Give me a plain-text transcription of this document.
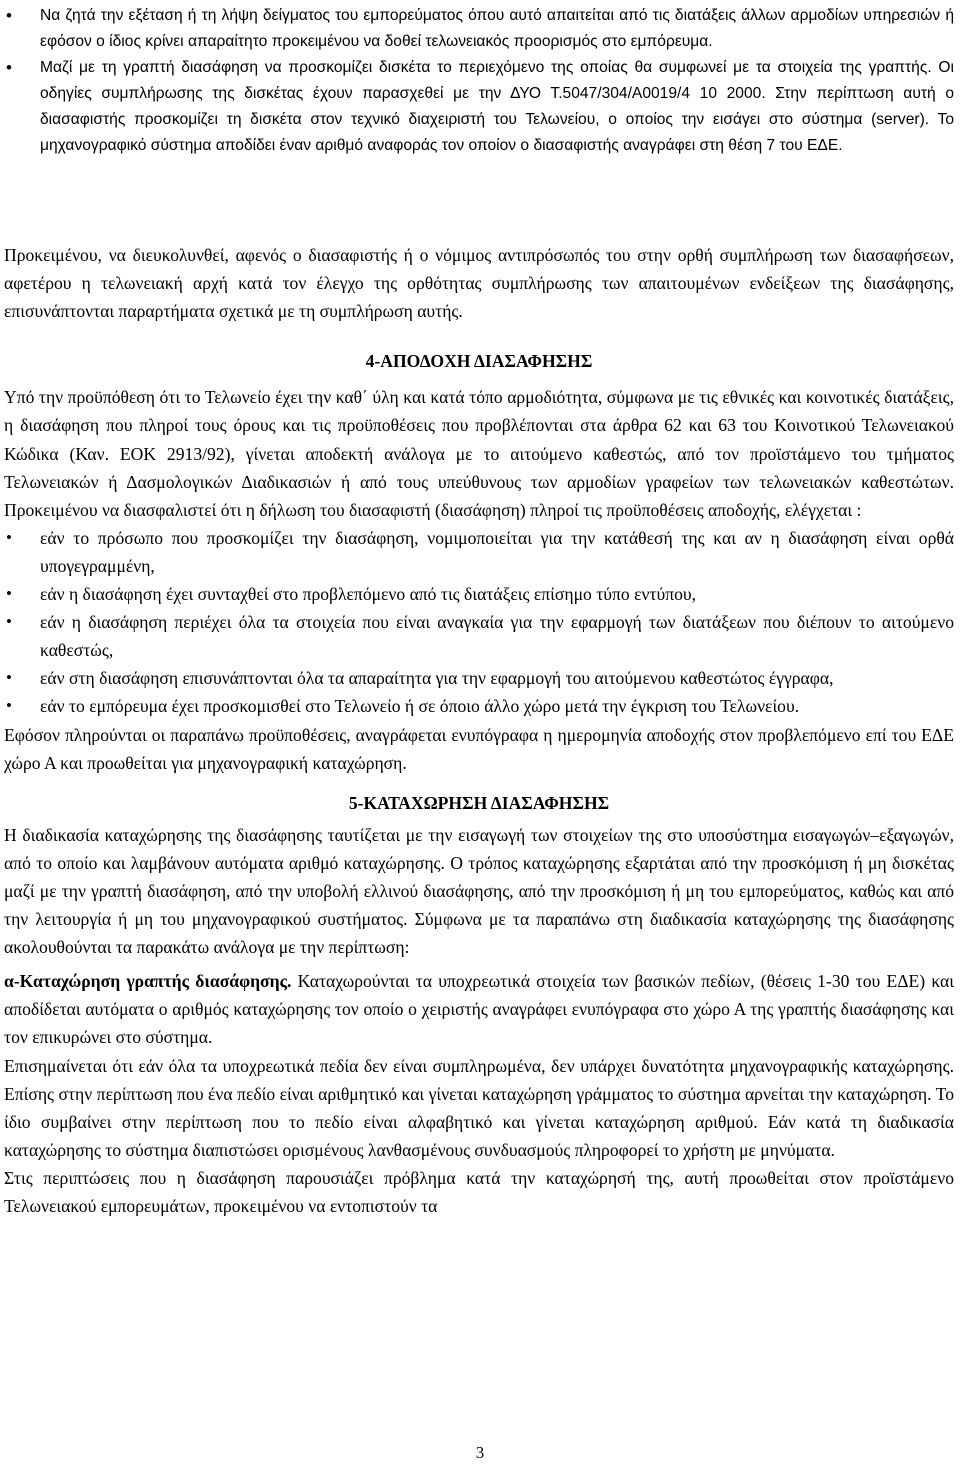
• Να ζητά την εξέταση ή τη λήψη δείγματος του εμπορεύματος όπου αυτό απαιτείται από τις διατάξεις άλλων αρμοδίων υπηρεσιών ή εφόσον ο ίδιος κρίνει απαραίτητο προκειμένου να δοθεί τελωνειακός προορισμός στο εμπόρευμα.
• Μαζί με τη γραπτή διασάφηση να προσκομίζει δισκέτα το περιεχόμενο της οποίας θα συμφωνεί με τα στοιχεία της γραπτής. Οι οδηγίες συμπλήρωσης της δισκέτας έχουν παρασχεθεί με την ΔΥΟ Τ.5047/304/Α0019/4 10 2000. Στην περίπτωση αυτή ο διασαφιστής προσκομίζει τη δισκέτα στον τεχνικό διαχειριστή του Τελωνείου, ο οποίος την εισάγει στο σύστημα (server). Το μηχανογραφικό σύστημα αποδίδει έναν αριθμό αναφοράς τον οποίον ο διασαφιστής αναγράφει στη θέση 7 του ΕΔΕ.

Προκειμένου, να διευκολυνθεί, αφενός ο διασαφιστής ή ο νόμιμος αντιπρόσωπός του στην ορθή συμπλήρωση των διασαφήσεων, αφετέρου η τελωνειακή αρχή κατά τον έλεγχο της ορθότητας συμπλήρωσης των απαιτουμένων ενδείξεων της διασάφησης, επισυνάπτονται παραρτήματα σχετικά με τη συμπλήρωση αυτής.

4-ΑΠΟΔΟΧΗ ΔΙΑΣΑΦΗΣΗΣ

Υπό την προϋπόθεση ότι το Τελωνείο έχει την καθ΄ ύλη και κατά τόπο αρμοδιότητα, σύμφωνα με τις εθνικές και κοινοτικές διατάξεις, η διασάφηση που πληροί τους όρους και τις προϋποθέσεις που προβλέπονται στα άρθρα 62 και 63 του Κοινοτικού Τελωνειακού Κώδικα (Καν. ΕΟΚ 2913/92), γίνεται αποδεκτή ανάλογα με το αιτούμενο καθεστώς, από τον προϊστάμενο του τμήματος Τελωνειακών ή Δασμολογικών Διαδικασιών ή από τους υπεύθυνους των αρμοδίων γραφείων των τελωνειακών καθεστώτων. Προκειμένου να διασφαλιστεί ότι η δήλωση του διασαφιστή (διασάφηση) πληροί τις προϋποθέσεις αποδοχής, ελέγχεται :

• εάν το πρόσωπο που προσκομίζει την διασάφηση, νομιμοποιείται για την κατάθεσή της και αν η διασάφηση είναι ορθά υπογεγραμμένη,
• εάν η διασάφηση έχει συνταχθεί στο προβλεπόμενο από τις διατάξεις επίσημο τύπο εντύπου,
• εάν η διασάφηση περιέχει όλα τα στοιχεία που είναι αναγκαία για την εφαρμογή των διατάξεων που διέπουν το αιτούμενο καθεστώς,
• εάν στη διασάφηση επισυνάπτονται όλα τα απαραίτητα για την εφαρμογή του αιτούμενου καθεστώτος έγγραφα,
• εάν το εμπόρευμα έχει προσκομισθεί στο Τελωνείο ή σε όποιο άλλο χώρο μετά την έγκριση του Τελωνείου.

Εφόσον πληρούνται οι παραπάνω προϋποθέσεις, αναγράφεται ενυπόγραφα η ημερομηνία αποδοχής στον προβλεπόμενο επί του ΕΔΕ χώρο Α και προωθείται για μηχανογραφική καταχώρηση.

5-ΚΑΤΑΧΩΡΗΣΗ ΔΙΑΣΑΦΗΣΗΣ

Η διαδικασία καταχώρησης της διασάφησης ταυτίζεται με την εισαγωγή των στοιχείων της στο υποσύστημα εισαγωγών–εξαγωγών, από το οποίο και λαμβάνουν αυτόματα αριθμό καταχώρησης. Ο τρόπος καταχώρησης εξαρτάται από την προσκόμιση ή μη δισκέτας μαζί με την γραπτή διασάφηση, από την υποβολή ελλινού διασάφησης, από την προσκόμιση ή μη του εμπορεύματος, καθώς και από την λειτουργία ή μη του μηχανογραφικού συστήματος. Σύμφωνα με τα παραπάνω στη διαδικασία καταχώρησης της διασάφησης ακολουθούνται τα παρακάτω ανάλογα με την περίπτωση:

α-Καταχώρηση γραπτής διασάφησης. Καταχωρούνται τα υποχρεωτικά στοιχεία των βασικών πεδίων, (θέσεις 1-30 του ΕΔΕ) και αποδίδεται αυτόματα ο αριθμός καταχώρησης τον οποίο ο χειριστής αναγράφει ενυπόγραφα στο χώρο Α της γραπτής διασάφησης και τον επικυρώνει στο σύστημα.

Επισημαίνεται ότι εάν όλα τα υποχρεωτικά πεδία δεν είναι συμπληρωμένα, δεν υπάρχει δυνατότητα μηχανογραφικής καταχώρησης. Επίσης στην περίπτωση που ένα πεδίο είναι αριθμητικό και γίνεται καταχώρηση γράμματος το σύστημα αρνείται την καταχώρηση. Το ίδιο συμβαίνει στην περίπτωση που το πεδίο είναι αλφαβητικό και γίνεται καταχώρηση αριθμού. Εάν κατά τη διαδικασία καταχώρησης το σύστημα διαπιστώσει ορισμένους λανθασμένους συνδυασμούς πληροφορεί το χρήστη με μηνύματα.

Στις περιπτώσεις που η διασάφηση παρουσιάζει πρόβλημα κατά την καταχώρησή της, αυτή προωθείται στον προϊστάμενο Τελωνειακού εμπορευμάτων, προκειμένου να εντοπιστούν τα

3
